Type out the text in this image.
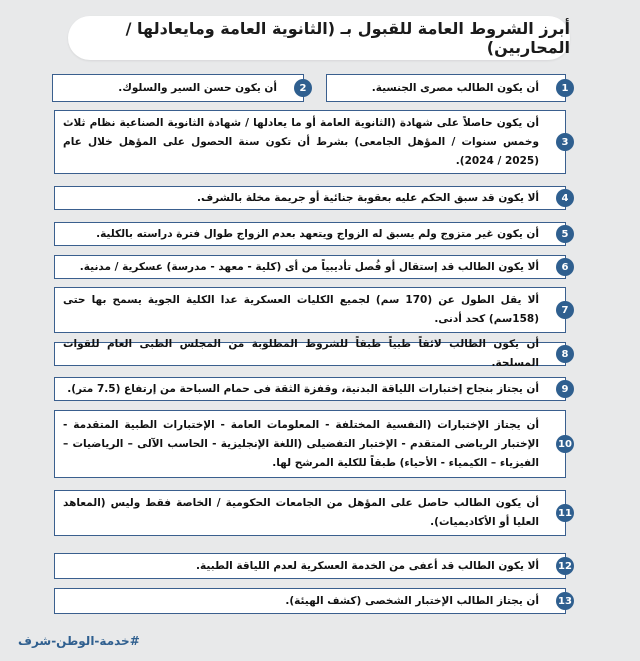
أبرز الشروط العامة للقبول بـ (الثانوية العامة ومايعادلها / المحاربين)
أن يكون الطالب مصرى الجنسية.	1
أن يكون حسن السير والسلوك.	2
أن يكون حاصلاً على شهادة (الثانوية العامة أو ما يعادلها / شهادة الثانوية الصناعية نظام ثلاث وخمس سنوات / المؤهل الجامعى) بشرط أن تكون سنة الحصول على المؤهل خلال عام (2025 / 2024).
3
ألا يكون قد سبق الحكم عليه بعقوبة جنائية أو جريمة مخلة بالشرف.	4
أن يكون غير متزوج ولم يسبق له الزواج ويتعهد بعدم الزواج طوال فترة دراسته بالكلية.	5
ألا يكون الطالب قد إستقال أو فُصل تأديبياً من أى (كلية - معهد - مدرسة) عسكرية / مدنية.	6
ألا يقل الطول عن (170 سم) لجميع الكليات العسكرية عدا الكلية الجوية يسمح بها حتى (158سم) كحد أدنى.
7
أن يكون الطالب لائقاً طبياً طبقاً للشروط المطلوبة من المجلس الطبى العام للقوات المسلحة.
8
أن يجتاز بنجاح إختبارات اللياقة البدنية، وقفزة الثقة فى حمام السباحة من إرتفاع (7.5 متر).	9
أن يجتاز الإختبارات (النفسية المختلفة - المعلومات العامة - الإختبارات الطبية المتقدمة - الإختبار الرياضى المتقدم - الإختبار التفضيلى (اللغة الإنجليزية - الحاسب الآلى – الرياضيات – الفيزياء – الكيمياء - الأحياء) طبقاً للكلية المرشح لها.
10
أن يكون الطالب حاصل على المؤهل من الجامعات الحكومية / الخاصة فقط وليس (المعاهد العليا أو الأكاديميات).
11
ألا يكون الطالب قد أعفى من الخدمة العسكرية لعدم اللياقة الطبية. 12
أن يجتاز الطالب الإختبار الشخصى (كشف الهيئة). 13
#خدمة-الوطن-شرف
